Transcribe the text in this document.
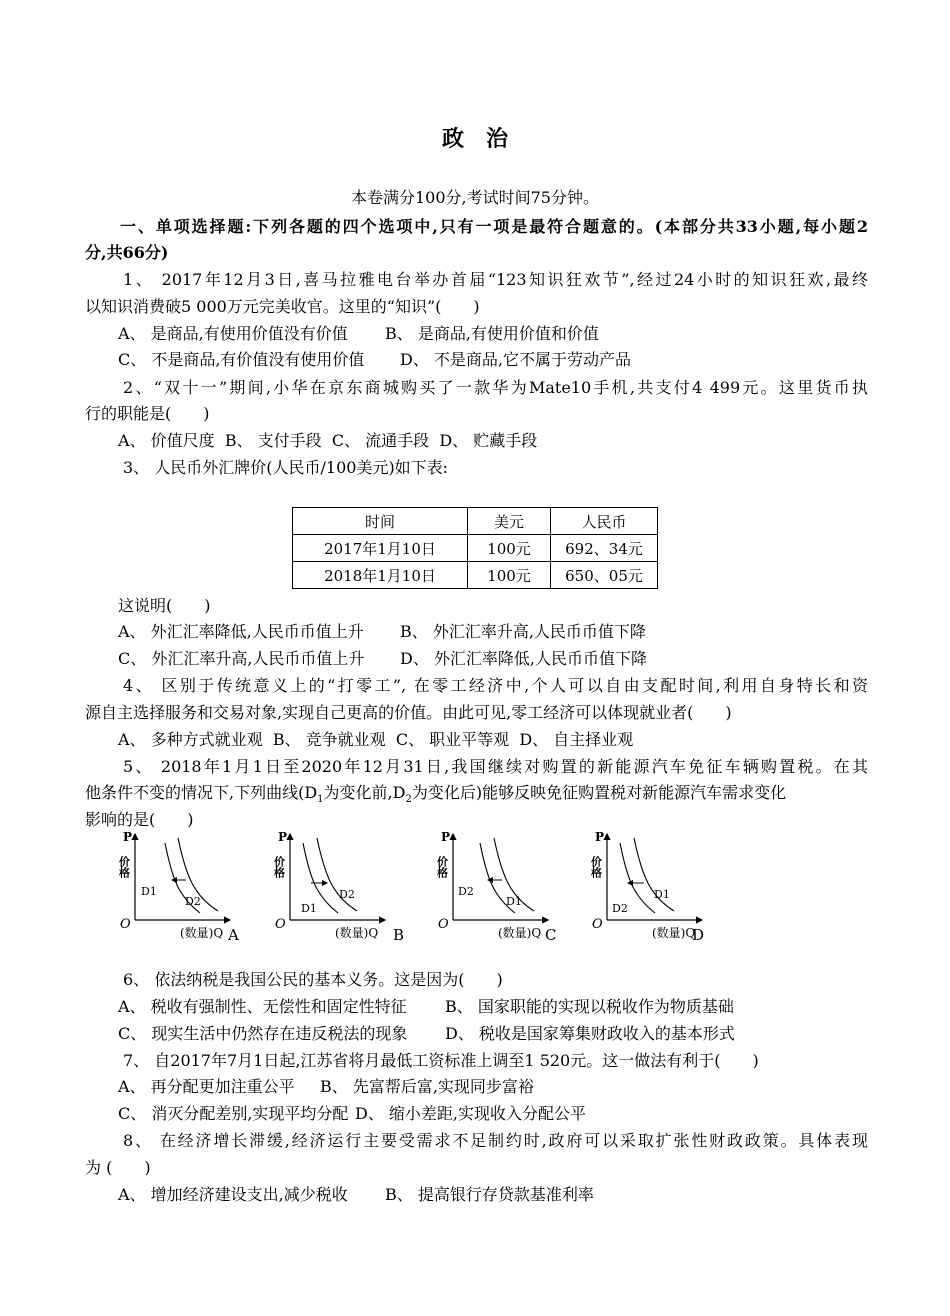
政治
本卷满分100分,考试时间75分钟。
一、单项选择题:下列各题的四个选项中,只有一项是最符合题意的。(本部分共33小题,每小题2
分,共66分)
1、 2017年12月3日,喜马拉雅电台举办首届“123知识狂欢节”,经过24小时的知识狂欢,最终
以知识消费破5 000万元完美收官。这里的“知识”(　　)
A、 是商品,有使用价值没有价值 B、 是商品,有使用价值和价值
C、 不是商品,有价值没有使用价值 D、 不是商品,它不属于劳动产品
2、“双十一”期间,小华在京东商城购买了一款华为Mate10手机,共支付4 499元。这里货币执
行的职能是(　　)
A、 价值尺度  B、 支付手段  C、 流通手段  D、 贮藏手段
3、 人民币外汇牌价(人民币/100美元)如下表:
时间	美元	人民币
2017年1月10日	100元	692、34元
2018年1月10日	100元	650、05元
这说明(　　)
A、 外汇汇率降低,人民币币值上升 B、 外汇汇率升高,人民币币值下降
C、 外汇汇率升高,人民币币值上升 D、 外汇汇率降低,人民币币值下降
4、 区别于传统意义上的“打零工”, 在零工经济中,个人可以自由支配时间,利用自身特长和资
源自主选择服务和交易对象,实现自己更高的价值。由此可见,零工经济可以体现就业者(　　)
A、 多种方式就业观  B、 竞争就业观  C、 职业平等观  D、 自主择业观
5、 2018年1月1日至2020年12月31日,我国继续对购置的新能源汽车免征车辆购置税。在其
他条件不变的情况下,下列曲线($D_1$为变化前$,D_2$为变化后)能够反映免征购置税对新能源汽车需求变化
影响的是(　　)
P
价格
O
(数量)Q
D1
D2
A
P
价格
O
(数量)Q
D1
D2
B
P
价格
O
(数量)Q
D2
D1
C
P
价格
O
(数量)Q
D2
D1
D
6、 依法纳税是我国公民的基本义务。这是因为(　　)
A、 税收有强制性、无偿性和固定性特征 B、 国家职能的实现以税收作为物质基础
C、 现实生活中仍然存在违反税法的现象 D、 税收是国家筹集财政收入的基本形式
7、 自2017年7月1日起,江苏省将月最低工资标准上调至1 520元。这一做法有利于(　　)
A、 再分配更加注重公平 B、 先富帮后富,实现同步富裕
C、 消灭分配差别,实现平均分配 D、 缩小差距,实现收入分配公平
8、 在经济增长滞缓,经济运行主要受需求不足制约时,政府可以采取扩张性财政政策。具体表现
为 (　　)
A、 增加经济建设支出,减少税收 B、 提高银行存贷款基准利率
